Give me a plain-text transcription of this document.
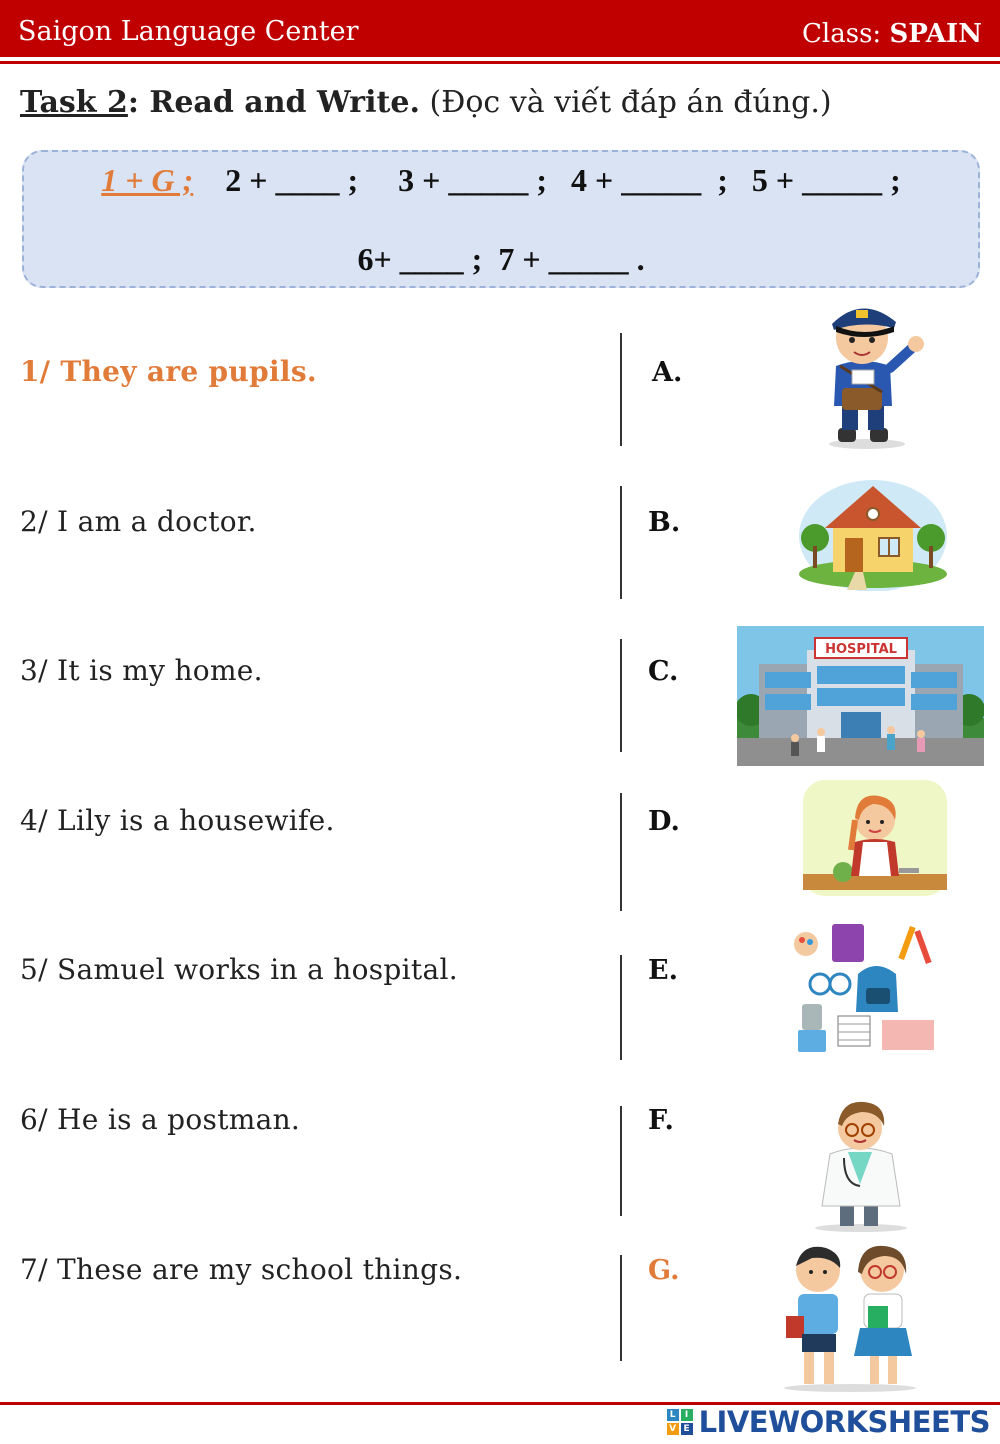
Saigon Language Center	Class: SPAIN
Task 2: Read and Write. (Đọc và viết đáp án đúng.)
1 + G ;    2 + ____ ;     3 + _____ ;   4 + _____  ;   5 + _____ ;
6+ ____ ;  7 + _____ .
1/ They are pupils.
2/ I am a doctor.
3/ It is my home.
4/ Lily is a housewife.
5/ Samuel works in a hospital.
6/ He is a postman.
7/ These are my school things.
A.
B.
C.
D.
E.
F.
G.
HOSPITAL
L	I
V E LIVEWORKSHEETS
